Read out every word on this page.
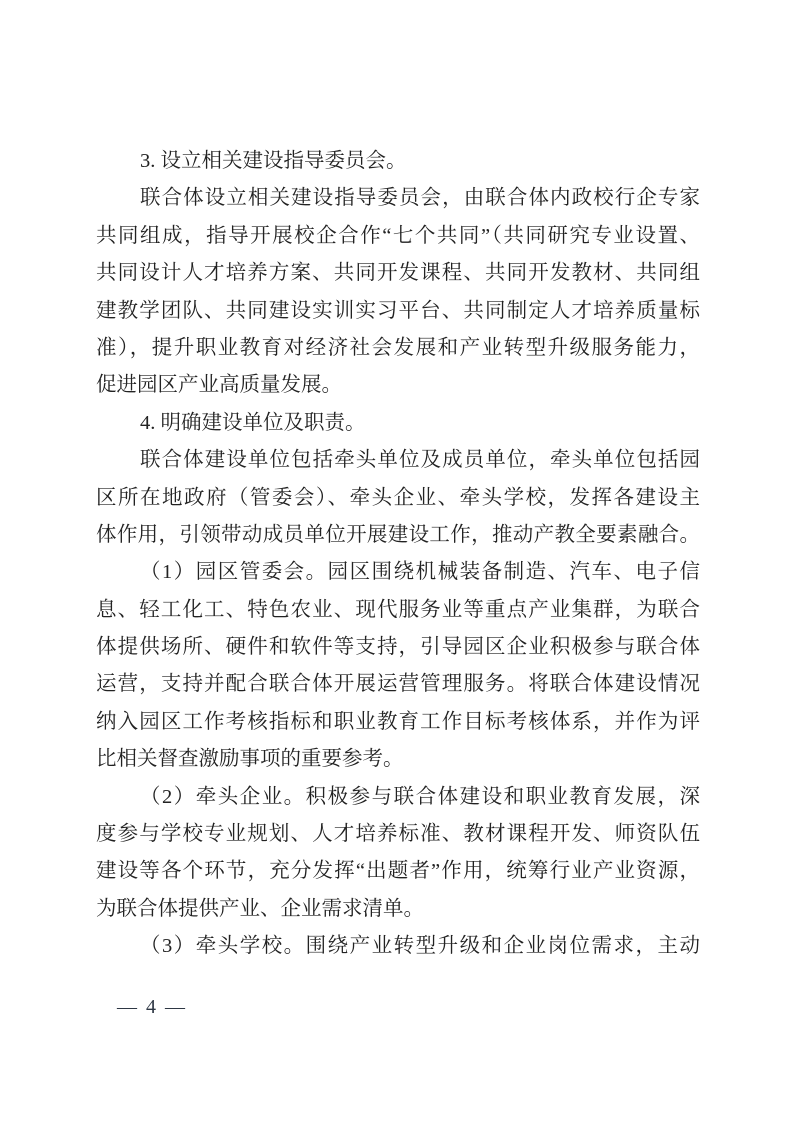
3. 设立相关建设指导委员会。
联合体设立相关建设指导委员会，由联合体内政校行企专家
共同组成，指导开展校企合作“七个共同”（共同研究专业设置、
共同设计人才培养方案、共同开发课程、共同开发教材、共同组
建教学团队、共同建设实训实习平台、共同制定人才培养质量标
准），提升职业教育对经济社会发展和产业转型升级服务能力，
促进园区产业高质量发展。
4. 明确建设单位及职责。
联合体建设单位包括牵头单位及成员单位，牵头单位包括园
区所在地政府（管委会）、牵头企业、牵头学校，发挥各建设主
体作用，引领带动成员单位开展建设工作，推动产教全要素融合。
（1）园区管委会。园区围绕机械装备制造、汽车、电子信
息、轻工化工、特色农业、现代服务业等重点产业集群，为联合
体提供场所、硬件和软件等支持，引导园区企业积极参与联合体
运营，支持并配合联合体开展运营管理服务。将联合体建设情况
纳入园区工作考核指标和职业教育工作目标考核体系，并作为评
比相关督查激励事项的重要参考。
（2）牵头企业。积极参与联合体建设和职业教育发展，深
度参与学校专业规划、人才培养标准、教材课程开发、师资队伍
建设等各个环节，充分发挥“出题者”作用，统筹行业产业资源，
为联合体提供产业、企业需求清单。
（3）牵头学校。围绕产业转型升级和企业岗位需求，主动
— 4 —
